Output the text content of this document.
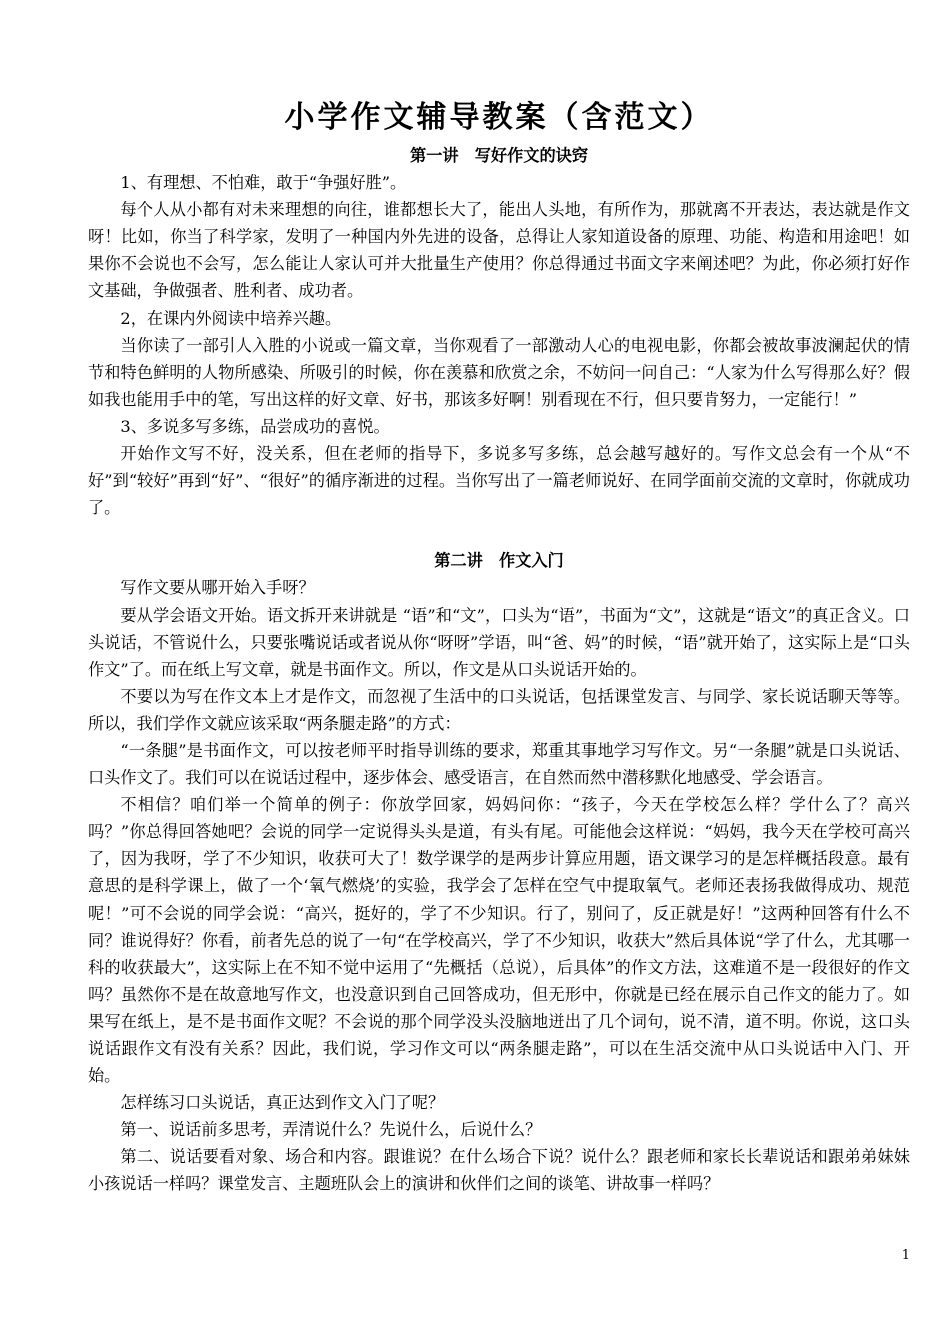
小学作文辅导教案（含范文）
第一讲　写好作文的诀窍

1、有理想、不怕难，敢于“争强好胜”。

每个人从小都有对未来理想的向往，谁都想长大了，能出人头地，有所作为，那就离不开表达，表达就是作文呀！比如，你当了科学家，发明了一种国内外先进的设备，总得让人家知道设备的原理、功能、构造和用途吧！如果你不会说也不会写，怎么能让人家认可并大批量生产使用？你总得通过书面文字来阐述吧？为此，你必须打好作文基础，争做强者、胜利者、成功者。

2，在课内外阅读中培养兴趣。

当你读了一部引人入胜的小说或一篇文章，当你观看了一部激动人心的电视电影，你都会被故事波澜起伏的情节和特色鲜明的人物所感染、所吸引的时候，你在羡慕和欣赏之余，不妨问一问自己：“人家为什么写得那么好？假如我也能用手中的笔，写出这样的好文章、好书，那该多好啊！别看现在不行，但只要肯努力，一定能行！”

3、多说多写多练，品尝成功的喜悦。

开始作文写不好，没关系，但在老师的指导下，多说多写多练，总会越写越好的。写作文总会有一个从“不好”到“较好”再到“好”、“很好”的循序渐进的过程。当你写出了一篇老师说好、在同学面前交流的文章时，你就成功了。

第二讲　作文入门

写作文要从哪开始入手呀？

要从学会语文开始。语文拆开来讲就是 “语”和“文”，口头为“语”，书面为“文”，这就是“语文”的真正含义。口头说话，不管说什么，只要张嘴说话或者说从你“呀呀”学语，叫“爸、妈”的时候，“语”就开始了，这实际上是“口头作文”了。而在纸上写文章，就是书面作文。所以，作文是从口头说话开始的。

不要以为写在作文本上才是作文，而忽视了生活中的口头说话，包括课堂发言、与同学、家长说话聊天等等。所以，我们学作文就应该采取“两条腿走路”的方式：

“一条腿”是书面作文，可以按老师平时指导训练的要求，郑重其事地学习写作文。另“一条腿”就是口头说话、口头作文了。我们可以在说话过程中，逐步体会、感受语言，在自然而然中潜移默化地感受、学会语言。

不相信？咱们举一个简单的例子：你放学回家，妈妈问你：“孩子，今天在学校怎么样？学什么了？高兴吗？”你总得回答她吧？会说的同学一定说得头头是道，有头有尾。可能他会这样说：“妈妈，我今天在学校可高兴了，因为我呀，学了不少知识，收获可大了！数学课学的是两步计算应用题，语文课学习的是怎样概括段意。最有意思的是科学课上，做了一个‘氧气燃烧’的实验，我学会了怎样在空气中提取氧气。老师还表扬我做得成功、规范呢！”可不会说的同学会说：“高兴，挺好的，学了不少知识。行了，别问了，反正就是好！”这两种回答有什么不同？谁说得好？你看，前者先总的说了一句“在学校高兴，学了不少知识，收获大”然后具体说“学了什么，尤其哪一科的收获最大”，这实际上在不知不觉中运用了“先概括（总说），后具体”的作文方法，这难道不是一段很好的作文吗？虽然你不是在故意地写作文，也没意识到自己回答成功，但无形中，你就是已经在展示自己作文的能力了。如果写在纸上，是不是书面作文呢？不会说的那个同学没头没脑地迸出了几个词句，说不清，道不明。你说，这口头说话跟作文有没有关系？因此，我们说，学习作文可以“两条腿走路”，可以在生活交流中从口头说话中入门、开始。

怎样练习口头说话，真正达到作文入门了呢？

第一、说话前多思考，弄清说什么？先说什么，后说什么？

第二、说话要看对象、场合和内容。跟谁说？在什么场合下说？说什么？跟老师和家长长辈说话和跟弟弟妹妹小孩说话一样吗？课堂发言、主题班队会上的演讲和伙伴们之间的谈笔、讲故事一样吗？

1
